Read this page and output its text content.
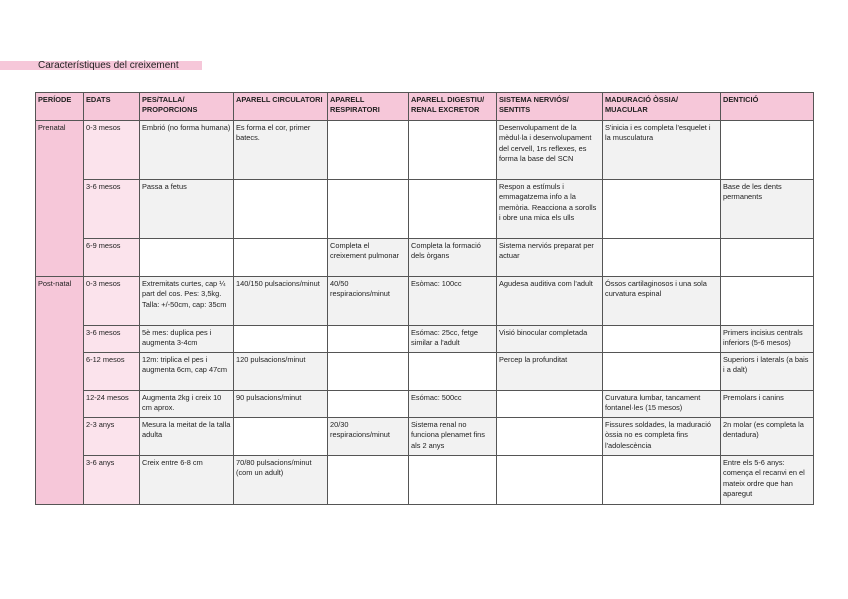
Característiques del creixement
PERÍODE	EDATS	PES/TALLA/ PROPORCIONS	APARELL CIRCULATORI	APARELL RESPIRATORI	APARELL DIGESTIU/ RENAL EXCRETOR	SISTEMA NERVIÓS/ SENTITS	MADURACIÓ ÒSSIA/ MUACULAR	DENTICIÓ
Prenatal	0-3 mesos	Embrió (no forma humana)	Es forma el cor, primer batecs.			Desenvolupament de la mèdul·la i desenvolupament del cervell, 1rs reflexes, es forma la base del SCN	S'inicia i es completa l'esquelet i la musculatura	
	3-6 mesos	Passa a fetus				Respon a estímuls i emmagatzema info a la memòria. Reacciona a sorolls i obre una mica els ulls		Base de les dents permanents
	6-9 mesos			Completa el creixement pulmonar	Completa la formació dels òrgans	Sistema nerviós preparat per actuar		
Post-natal	0-3 mesos	Extremitats curtes, cap ¼ part del cos. Pes: 3,5kg. Talla: +/-50cm, cap: 35cm	140/150 pulsacions/minut	40/50 respiracions/minut	Esòmac: 100cc	Agudesa auditiva com l'adult	Óssos cartilaginosos i una sola curvatura espinal	
	3-6 mesos	5è mes: duplica pes i augmenta 3-4cm			Esómac: 25cc, fetge similar a l'adult	Visió binocular completada		Primers incisius centrals inferiors (5-6 mesos)
	6-12 mesos	12m: triplica el pes i augmenta 6cm, cap 47cm	120 pulsacions/minut			Percep la profunditat		Superiors i laterals (a bais i a dalt)
	12-24 mesos	Augmenta 2kg i creix 10 cm aprox.	90 pulsacions/minut		Esómac: 500cc		Curvatura lumbar, tancament fontanel·les (15 mesos)	Premolars i canins
	2-3 anys	Mesura la meitat de la talla adulta		20/30 respiracions/minut	Sistema renal no funciona plenamet fins als 2 anys		Fissures soldades, la maduració òssia no es completa fins l'adolescència	2n molar (es completa la dentadura)
	3-6 anys	Creix entre 6-8 cm	70/80 pulsacions/minut (com un adult)					Entre els 5-6 anys: comença el recanvi en el mateix ordre que han aparegut
